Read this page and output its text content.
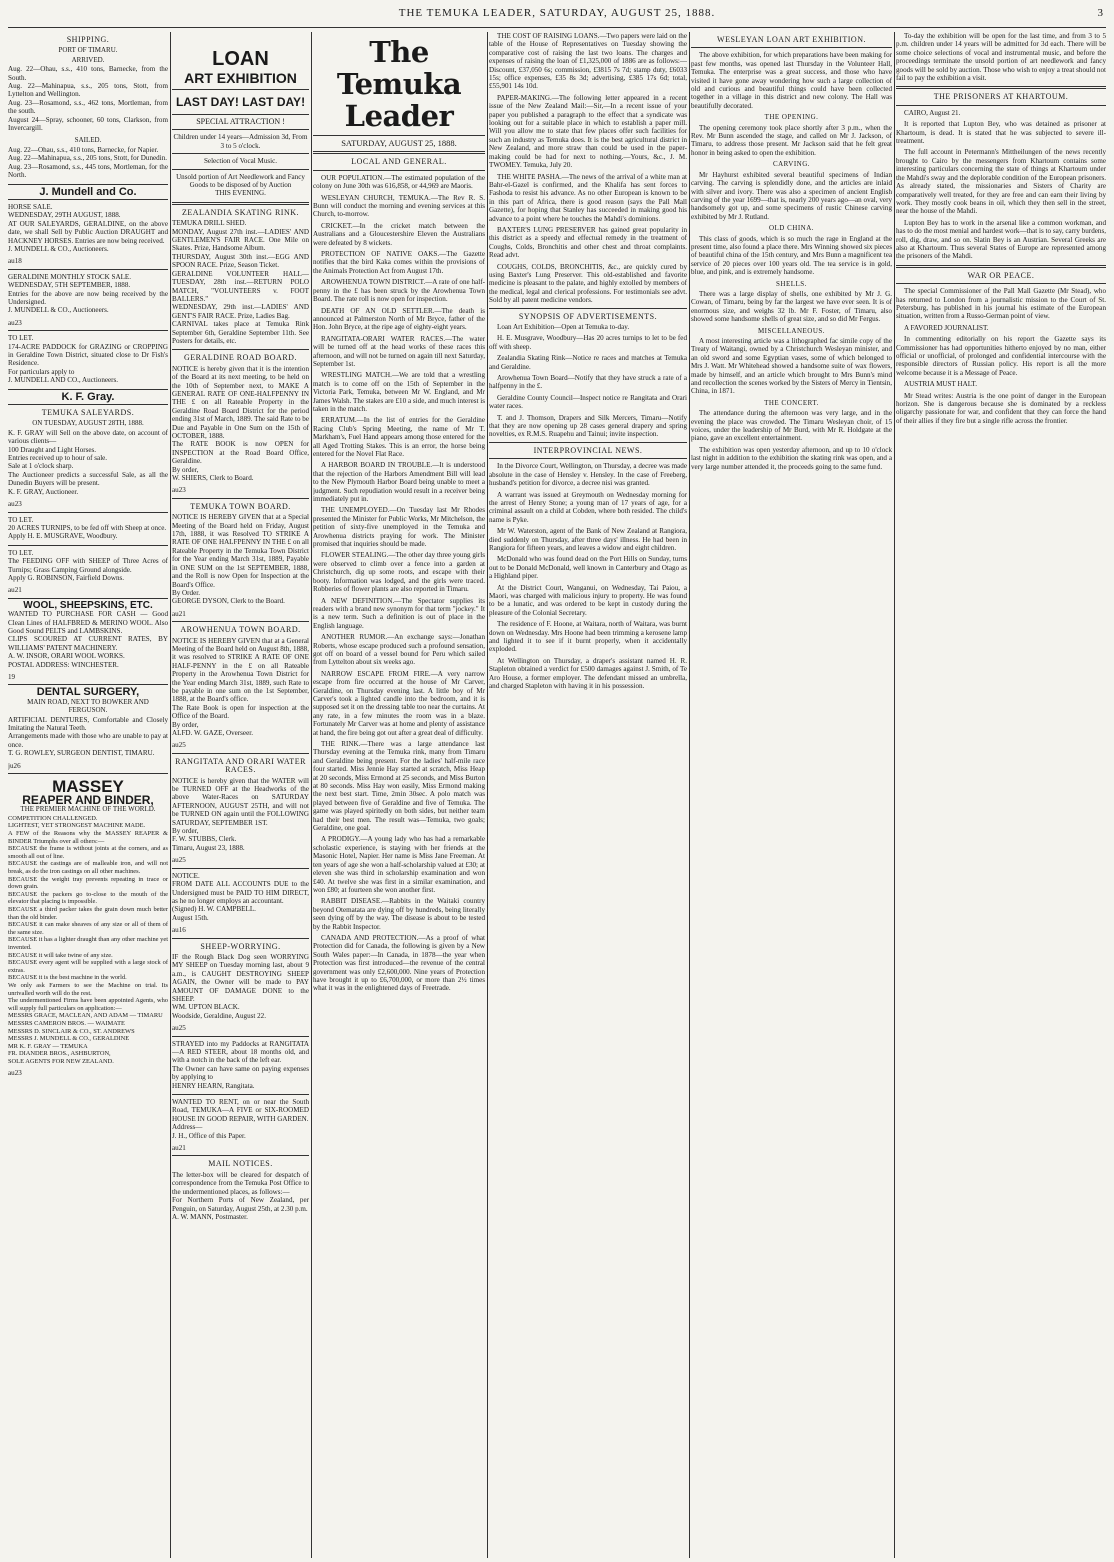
THE TEMUKA LEADER, SATURDAY, AUGUST 25, 1888.	3
SHIPPING.
PORT OF TIMARU.
ARRIVED.
Aug. 22—Ohau, s.s., 410 tons, Barnecke, from the South.
Aug. 22—Mahinapua, s.s., 205 tons, Stott, from Lyttelton and Wellington.
Aug. 23—Rosamond, s.s., 462 tons, Mortleman, from the south.
August 24—Spray, schooner, 60 tons, Clarkson, from Invercargill.
SAILED.
Aug. 22—Ohau, s.s., 410 tons, Barnecke, for Napier.
Aug. 22—Mahinapua, s.s., 205 tons, Stott, for Dunedin.
Aug. 23—Rosamond, s.s., 445 tons, Mortleman, for the North.
J. Mundell and Co.
HORSE SALE.
WEDNESDAY, 29TH AUGUST, 1888.
AT OUR SALEYARDS, GERALDINE, on the above date, we shall Sell by Public Auction DRAUGHT and HACKNEY HORSES. Entries are now being received.
J. MUNDELL & CO., Auctioneers.
au18
GERALDINE MONTHLY STOCK SALE.
WEDNESDAY, 5TH SEPTEMBER, 1888.
Entries for the above are now being received by the Undersigned.
J. MUNDELL & CO., Auctioneers.
au23
TO LET.
174-ACRE PADDOCK for GRAZING or CROPPING in Geraldine Town District, situated close to Dr Fish's Residence.
For particulars apply to
J. MUNDELL AND CO., Auctioneers.
K. F. Gray.
TEMUKA SALEYARDS.
ON TUESDAY, AUGUST 28TH, 1888.
K. F. GRAY will Sell on the above date, on account of various clients—
100 Draught and Light Horses.
Entries received up to hour of sale.
Sale at 1 o'clock sharp.
The Auctioneer predicts a successful Sale, as all the Dunedin Buyers will be present.
K. F. GRAY, Auctioneer.
au23
TO LET.
20 ACRES TURNIPS, to be fed off with Sheep at once.
Apply H. E. MUSGRAVE, Woodbury.
TO LET.
The FEEDING OFF with SHEEP of Three Acres of Turnips; Grass Camping Ground alongside.
Apply G. ROBINSON, Fairfield Downs.
au21
WOOL, SHEEPSKINS, ETC.
WANTED TO PURCHASE FOR CASH — Good Clean Lines of HALFBRED & MERINO WOOL. Also Good Sound PELTS and LAMBSKINS.
CLIPS SCOURED AT CURRENT RATES, BY WILLIAMS' PATENT MACHINERY.
A. W. INSOR, ORARI WOOL WORKS.
POSTAL ADDRESS: WINCHESTER.
19
DENTAL SURGERY,
MAIN ROAD, NEXT TO BOWKER AND FERGUSON.
ARTIFICIAL DENTURES, Comfortable and Closely Imitating the Natural Teeth.
Arrangements made with those who are unable to pay at once.
T. G. ROWLEY, SURGEON DENTIST, TIMARU.
ju26
MASSEY
REAPER AND BINDER,
THE PREMIER MACHINE OF THE WORLD.
COMPETITION CHALLENGED.
LIGHTEST, YET STRONGEST MACHINE MADE.
A FEW of the Reasons why the MASSEY REAPER & BINDER Triumphs over all others:—
BECAUSE the frame is without joints at the corners, and as smooth all out of line.
BECAUSE the castings are of malleable iron, and will not break, as do the iron castings on all other machines.
BECAUSE the weight tray prevents repeating in trace or down grain.
BECAUSE the packers go to-close to the mouth of the elevator that placing is impossible.
BECAUSE a third packer takes the grain down much better than the old binder.
BECAUSE it can make sheaves of any size or all of them of the same size.
BECAUSE it has a lighter draught than any other machine yet invented.
BECAUSE it will take twine of any size.
BECAUSE every agent will be supplied with a large stock of extras.
BECAUSE it is the best machine in the world.
We only ask Farmers to see the Machine on trial. Its unrivalled worth will do the rest.
The undermentioned Firms have been appointed Agents, who will supply full particulars on application:—
MESSRS GRACE, MACLEAN, AND ADAM — TIMARU
MESSRS CAMERON BROS. — WAIMATE
MESSRS D. SINCLAIR & CO., ST. ANDREWS
MESSRS J. MUNDELL & CO., GERALDINE
MR K. F. GRAY — TEMUKA
FR. DIANDER BROS., ASHBURTON,
SOLE AGENTS FOR NEW ZEALAND.
au23
LOAN
ART EXHIBITION
LAST DAY! LAST DAY!
SPECIAL ATTRACTION !
Children under 14 years—Admission 3d, From 3 to 5 o'clock.
Selection of Vocal Music.
Unsold portion of Art Needlework and Fancy Goods to be disposed of by Auction
THIS EVENING.
ZEALANDIA SKATING RINK.
TEMUKA DRILL SHED.
MONDAY, August 27th inst.—LADIES' AND GENTLEMEN'S FAIR RACE. One Mile on Skates. Prize, Handsome Album.
THURSDAY, August 30th inst.—EGG AND SPOON RACE. Prize, Season Ticket.
GERALDINE VOLUNTEER HALL—TUESDAY, 28th inst.—RETURN POLO MATCH, "VOLUNTEERS v. FOOT BALLERS."
WEDNESDAY, 29th inst.—LADIES' AND GENT'S FAIR RACE. Prize, Ladies Bag.
CARNIVAL takes place at Temuka Rink September 6th, Geraldine September 11th. See Posters for details, etc.
GERALDINE ROAD BOARD.
NOTICE is hereby given that it is the intention of the Board at its next meeting, to be held on the 10th of September next, to MAKE A GENERAL RATE OF ONE-HALFPENNY IN THE £ on all Rateable Property in the Geraldine Road Board District for the period ending 31st of March, 1889. The said Rate to be Due and Payable in One Sum on the 15th of OCTOBER, 1888.
The RATE BOOK is now OPEN for INSPECTION at the Road Board Office, Geraldine.
By order,
W. SHIERS, Clerk to Board.
au23
TEMUKA TOWN BOARD.
NOTICE IS HEREBY GIVEN that at a Special Meeting of the Board held on Friday, August 17th, 1888, it was Resolved TO STRIKE A RATE OF ONE HALFPENNY IN THE £ on all Rateable Property in the Temuka Town District for the Year ending March 31st, 1889, Payable in ONE SUM on the 1st SEPTEMBER, 1888, and the Roll is now Open for Inspection at the Board's Office.
By Order.
GEORGE DYSON, Clerk to the Board.
au21
AROWHENUA TOWN BOARD.
NOTICE IS HEREBY GIVEN that at a General Meeting of the Board held on August 8th, 1888, it was resolved to STRIKE A RATE OF ONE HALF-PENNY in the £ on all Rateable Property in the Arowhenua Town District for the Year ending March 31st, 1889, such Rate to be payable in one sum on the 1st September, 1888, at the Board's office.
The Rate Book is open for inspection at the Office of the Board.
By order,
ALFD. W. GAZE, Overseer.
au25
RANGITATA AND ORARI WATER RACES.
NOTICE is hereby given that the WATER will be TURNED OFF at the Headworks of the above Water-Races on SATURDAY AFTERNOON, AUGUST 25TH, and will not be TURNED ON again until the FOLLOWING SATURDAY, SEPTEMBER 1ST.
By order,
F. W. STUBBS, Clerk.
Timaru, August 23, 1888.
au25
NOTICE.
FROM DATE ALL ACCOUNTS DUE to the Undersigned must be PAID TO HIM DIRECT, as he no longer employs an accountant.
(Signed) H. W. CAMPBELL.
August 15th.
au16
SHEEP-WORRYING.
IF the Rough Black Dog seen WORRYING MY SHEEP on Tuesday morning last, about 9 a.m., is CAUGHT DESTROYING SHEEP AGAIN, the Owner will be made to PAY AMOUNT OF DAMAGE DONE to the SHEEP.
WM. UPTON BLACK.
Woodside, Geraldine, August 22.
au25
STRAYED into my Paddocks at RANGITATA—A RED STEER, about 18 months old, and with a notch in the back of the left ear.
The Owner can have same on paying expenses by applying to
HENRY HEARN, Rangitata.
WANTED TO RENT, on or near the South Road, TEMUKA—A FIVE or SIX-ROOMED HOUSE IN GOOD REPAIR, WITH GARDEN.
Address—
J. H., Office of this Paper.
au21
MAIL NOTICES.
The letter-box will be cleared for despatch of correspondence from the Temuka Post Office to the undermentioned places, as follows:—
For Northern Ports of New Zealand, per Penguin, on Saturday, August 25th, at 2.30 p.m.
A. W. MANN, Postmaster.
The Temuka Leader
SATURDAY, AUGUST 25, 1888.
LOCAL AND GENERAL.

OUR POPULATION.—The estimated population of the colony on June 30th was 616,858, or 44,969 are Maoris.

WESLEYAN CHURCH, TEMUKA.—The Rev R. S. Bunn will conduct the morning and evening services at this Church, to-morrow.

CRICKET.—In the cricket match between the Australians and a Gloucestershire Eleven the Australians were defeated by 8 wickets.

PROTECTION OF NATIVE OAKS.—The Gazette notifies that the bird Kaka comes within the provisions of the Animals Protection Act from August 17th.

AROWHENUA TOWN DISTRICT.—A rate of one half-penny in the £ has been struck by the Arowhenua Town Board. The rate roll is now open for inspection.

DEATH OF AN OLD SETTLER.—The death is announced at Palmerston North of Mr Bryce, father of the Hon. John Bryce, at the ripe age of eighty-eight years.

RANGITATA-ORARI WATER RACES.—The water will be turned off at the head works of these races this afternoon, and will not be turned on again till next Saturday, September 1st.

WRESTLING MATCH.—We are told that a wrestling match is to come off on the 15th of September in the Victoria Park, Temuka, between Mr W. England, and Mr James Walsh. The stakes are £10 a side, and much interest is taken in the match.

ERRATUM.—In the list of entries for the Geraldine Racing Club's Spring Meeting, the name of Mr T. Markham's, Fuel Hand appears among those entered for the all Aged Trotting Stakes. This is an error, the horse being entered for the Novel Flat Race.

A HARBOR BOARD IN TROUBLE.—It is understood that the rejection of the Harbors Amendment Bill will lead to the New Plymouth Harbor Board being unable to meet a judgment. Such repudiation would result in a receiver being immediately put in.

THE UNEMPLOYED.—On Tuesday last Mr Rhodes presented the Minister for Public Works, Mr Mitchelson, the petition of sixty-five unemployed in the Temuka and Arowhenua districts praying for work. The Minister promised that inquiries should be made.

FLOWER STEALING.—The other day three young girls were observed to climb over a fence into a garden at Christchurch, dig up some roots, and escape with their booty. Information was lodged, and the girls were traced. Robberies of flower plants are also reported in Timaru.

A NEW DEFINITION.—The Spectator supplies its readers with a brand new synonym for that term "jockey." It is a new term. Such a definition is out of place in the English language.

ANOTHER RUMOR.—An exchange says:—Jonathan Roberts, whose escape produced such a profound sensation, got off on board of a vessel bound for Peru which sailed from Lyttelton about six weeks ago.

NARROW ESCAPE FROM FIRE.—A very narrow escape from fire occurred at the house of Mr Carver, Geraldine, on Thursday evening last. A little boy of Mr Carver's took a lighted candle into the bedroom, and it is supposed set it on the dressing table too near the curtains. At any rate, in a few minutes the room was in a blaze. Fortunately Mr Carver was at home and plenty of assistance at hand, the fire being got out after a great deal of difficulty.

THE RINK.—There was a large attendance last Thursday evening at the Temuka rink, many from Timaru and Geraldine being present. For the ladies' half-mile race four started. Miss Jennie Hay started at scratch, Miss Heap at 20 seconds, Miss Ermond at 25 seconds, and Miss Burton at 80 seconds. Miss Hay won easily, Miss Ermond making the next best start. Time, 2min 30sec. A polo match was played between five of Geraldine and five of Temuka. The game was played spiritedly on both sides, but neither team had their best men. The result was—Temuka, two goals; Geraldine, one goal.

A PRODIGY.—A young lady who has had a remarkable scholastic experience, is staying with her friends at the Masonic Hotel, Napier. Her name is Miss Jane Freeman. At ten years of age she won a half-scholarship valued at £30; at eleven she was third in scholarship examination and won £40. At twelve she was first in a similar examination, and won £80; at fourteen she won another first.

RABBIT DISEASE.—Rabbits in the Waitaki country beyond Otematata are dying off by hundreds, being literally seen dying off by the way. The disease is about to be tested by the Rabbit Inspector.

CANADA AND PROTECTION.—As a proof of what Protection did for Canada, the following is given by a New South Wales paper:—In Canada, in 1878—the year when Protection was first introduced—the revenue of the central government was only £2,600,000. Nine years of Protection have brought it up to £6,700,000, or more than 2½ times what it was in the enlightened days of Freetrade.

THE COST OF RAISING LOANS.—Two papers were laid on the table of the House of Representatives on Tuesday showing the comparative cost of raising the last two loans. The charges and expenses of raising the loan of £1,325,000 of 1886 are as follows:—Discount, £37,050 6s; commission, £3815 7s 7d; stamp duty, £6033 15s; office expenses, £35 8s 3d; advertising, £385 17s 6d; total, £55,901 14s 10d.

PAPER-MAKING.—The following letter appeared in a recent issue of the New Zealand Mail:—Sir,—In a recent issue of your paper you published a paragraph to the effect that a syndicate was looking out for a suitable place in which to establish a paper mill. Will you allow me to state that few places offer such facilities for such an industry as Temuka does. It is the best agricultural district in New Zealand, and more straw than could be used in the paper-making could be had for next to nothing.—Yours, &c., J. M. TWOMEY. Temuka, July 20.

THE WHITE PASHA.—The news of the arrival of a white man at Bahr-el-Gazel is confirmed, and the Khalifa has sent forces to Fashoda to resist his advance. As no other European is known to be in this part of Africa, there is good reason (says the Pall Mall Gazette), for hoping that Stanley has succeeded in making good his advance to a point where he touches the Mahdi's dominions.

BAXTER'S LUNG PRESERVER has gained great popularity in this district as a speedy and effectual remedy in the treatment of Coughs, Colds, Bronchitis and other chest and throat complaints. Read advt.

COUGHS, COLDS, BRONCHITIS, &c., are quickly cured by using Baxter's Lung Preserver. This old-established and favorite medicine is pleasant to the palate, and highly extolled by members of the medical, legal and clerical professions. For testimonials see advt. Sold by all patent medicine vendors.

SYNOPSIS OF ADVERTISEMENTS.

Loan Art Exhibition—Open at Temuka to-day.

H. E. Musgrave, Woodbury—Has 20 acres turnips to let to be fed off with sheep.

Zealandia Skating Rink—Notice re races and matches at Temuka and Geraldine.

Arowhenua Town Board—Notify that they have struck a rate of a halfpenny in the £.

Geraldine County Council—Inspect notice re Rangitata and Orari water races.

T. and J. Thomson, Drapers and Silk Mercers, Timaru—Notify that they are now opening up 28 cases general drapery and spring novelties, ex R.M.S. Ruapehu and Tainui; invite inspection.

INTERPROVINCIAL NEWS.

In the Divorce Court, Wellington, on Thursday, a decree was made absolute in the case of Hensley v. Hensley. In the case of Freeberg, husband's petition for divorce, a decree nisi was granted.

A warrant was issued at Greymouth on Wednesday morning for the arrest of Henry Stone; a young man of 17 years of age, for a criminal assault on a child at Cobden, where both resided. The child's name is Pyke.

Mr W. Waterston, agent of the Bank of New Zealand at Rangiora, died suddenly on Thursday, after three days' illness. He had been in Rangiora for fifteen years, and leaves a widow and eight children.

McDonald who was found dead on the Port Hills on Sunday, turns out to be Donald McDonald, well known in Canterbury and Otago as a Highland piper.

At the District Court, Wanganui, on Wednesday, Tai Paiou, a Maori, was charged with malicious injury to property. He was found to be a lunatic, and was ordered to be kept in custody during the pleasure of the Colonial Secretary.

The residence of F. Hoone, at Waitara, north of Waitara, was burnt down on Wednesday. Mrs Hoone had been trimming a kerosene lamp and lighted it to see if it burnt properly, when it accidentally exploded.

At Wellington on Thursday, a draper's assistant named H. R. Stapleton obtained a verdict for £500 damages against J. Smith, of Te Aro House, a former employer. The defendant missed an umbrella, and charged Stapleton with having it in his possession.

WESLEYAN LOAN ART EXHIBITION.

The above exhibition, for which preparations have been making for past few months, was opened last Thursday in the Volunteer Hall, Temuka. The enterprise was a great success, and those who have visited it have gone away wondering how such a large collection of old and curious and beautiful things could have been collected together in a village in this district and new colony. The Hall was beautifully decorated.

THE OPENING.

The opening ceremony took place shortly after 3 p.m., when the Rev. Mr Bunn ascended the stage, and called on Mr J. Jackson, of Timaru, to address those present. Mr Jackson said that he felt great honor in being asked to open the exhibition.

CARVING.

Mr Hayhurst exhibited several beautiful specimens of Indian carving. The carving is splendidly done, and the articles are inlaid with silver and ivory. There was also a specimen of ancient English carving of the year 1699—that is, nearly 200 years ago—an oval, very handsomely got up, and some specimens of rustic Chinese carving exhibited by Mr J. Rutland.

OLD CHINA.

This class of goods, which is so much the rage in England at the present time, also found a place there. Mrs Winning showed six pieces of beautiful china of the 15th century, and Mrs Bunn a magnificent tea service of 20 pieces over 100 years old. The tea service is in gold, blue, and pink, and is extremely handsome.

SHELLS.

There was a large display of shells, one exhibited by Mr J. G. Cowan, of Timaru, being by far the largest we have ever seen. It is of enormous size, and weighs 32 lb. Mr F. Foster, of Timaru, also showed some handsome shells of great size, and so did Mr Fergus.

MISCELLANEOUS.

A most interesting article was a lithographed fac simile copy of the Treaty of Waitangi, owned by a Christchurch Wesleyan minister, and an old sword and some Egyptian vases, some of which belonged to Mrs J. Watt. Mr Whitehead showed a handsome suite of wax flowers, made by himself, and an article which brought to Mrs Bunn's mind and recollection the scenes worked by the Sisters of Mercy in Tientsin, China, in 1871.

THE CONCERT.

The attendance during the afternoon was very large, and in the evening the place was crowded. The Timaru Wesleyan choir, of 15 voices, under the leadership of Mr Burd, with Mr R. Holdgate at the piano, gave an excellent entertainment.

The exhibition was open yesterday afternoon, and up to 10 o'clock last night in addition to the exhibition the skating rink was open, and a very large number attended it, the proceeds going to the same fund.

To-day the exhibition will be open for the last time, and from 3 to 5 p.m. children under 14 years will be admitted for 3d each. There will be some choice selections of vocal and instrumental music, and before the proceedings terminate the unsold portion of art needlework and fancy goods will be sold by auction. Those who wish to enjoy a treat should not fail to pay the exhibition a visit.

THE PRISONERS AT KHARTOUM.

CAIRO, August 21.

It is reported that Lupton Bey, who was detained as prisoner at Khartoum, is dead. It is stated that he was subjected to severe ill-treatment.

The full account in Petermann's Mittheilungen of the news recently brought to Cairo by the messengers from Khartoum contains some interesting particulars concerning the state of things at Khartoum under the Mahdi's sway and the deplorable condition of the European prisoners. As already stated, the missionaries and Sisters of Charity are comparatively well treated, for they are free and can earn their living by work. They mostly cook beans in oil, which they then sell in the street, near the house of the Mahdi.

Lupton Bey has to work in the arsenal like a common workman, and has to do the most menial and hardest work—that is to say, carry burdens, roll, dig, draw, and so on. Slatin Bey is an Austrian. Several Greeks are also at Khartoum. Thus several States of Europe are represented among the prisoners of the Mahdi.

WAR OR PEACE.

The special Commissioner of the Pall Mall Gazette (Mr Stead), who has returned to London from a journalistic mission to the Court of St. Petersburg, has published in his journal his estimate of the European situation, written from a Russo-German point of view.

A FAVORED JOURNALIST.

In commenting editorially on his report the Gazette says its Commissioner has had opportunities hitherto enjoyed by no man, either official or unofficial, of prolonged and confidential intercourse with the responsible directors of Russian policy. His report is all the more welcome because it is a Message of Peace.

AUSTRIA MUST HALT.

Mr Stead writes: Austria is the one point of danger in the European horizon. She is dangerous because she is dominated by a reckless oligarchy passionate for war, and confident that they can force the hand of their allies if they fire but a single rifle across the frontier.
